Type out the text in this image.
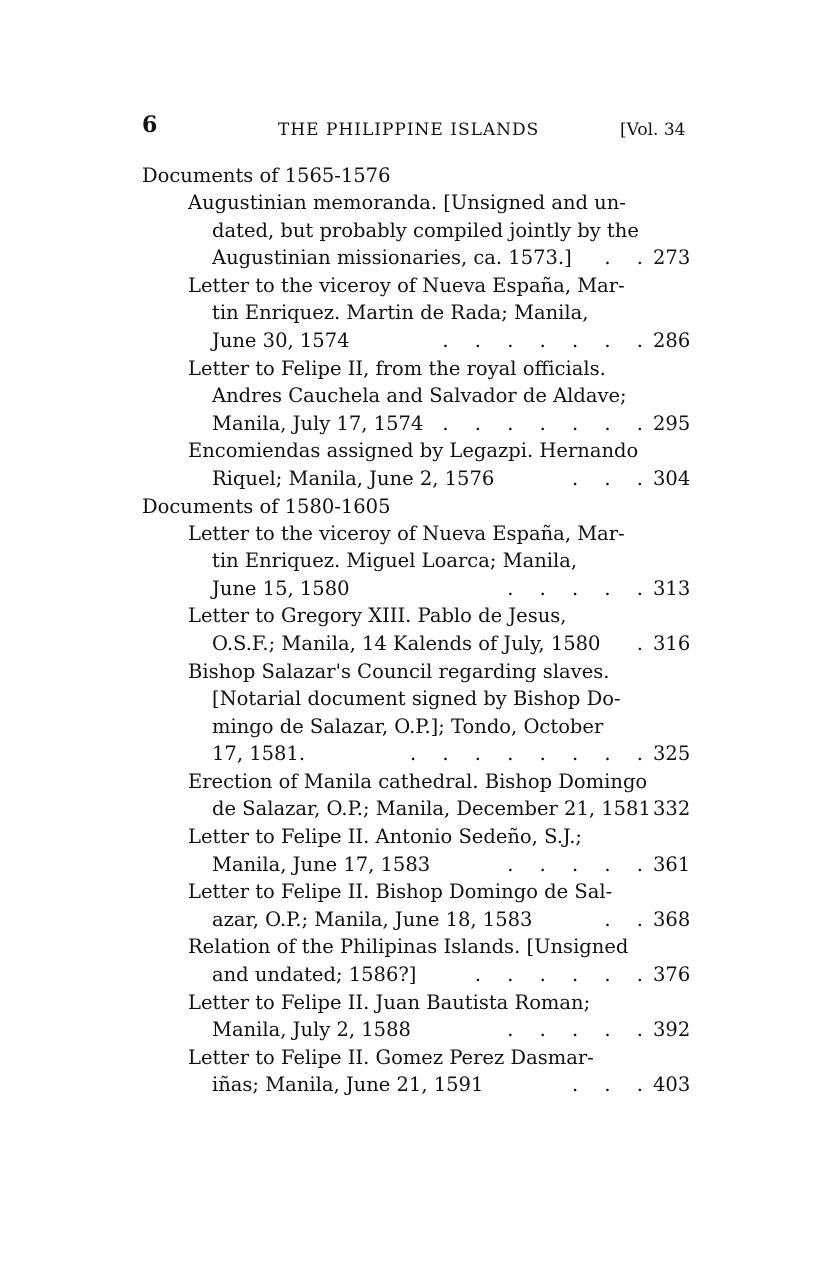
6	THE PHILIPPINE ISLANDS	[Vol. 34
Documents of 1565-1576
Augustinian memoranda. [Unsigned and un-
dated, but probably compiled jointly by the
Augustinian missionaries, ca. 1573.] . . 273
Letter to the viceroy of Nueva España, Mar-
tin Enriquez. Martin de Rada; Manila,
June 30, 1574	. . . . . . . 286
Letter to Felipe II, from the royal officials.
Andres Cauchela and Salvador de Aldave;
Manila, July 17, 1574 . . . . . . . 295
Encomiendas assigned by Legazpi. Hernando
Riquel; Manila, June 2, 1576	. . . 304
Documents of 1580-1605
Letter to the viceroy of Nueva España, Mar-
tin Enriquez. Miguel Loarca; Manila,
June 15, 1580	. . . . . 313
Letter to Gregory XIII. Pablo de Jesus,
O.S.F.; Manila, 14 Kalends of July, 1580 . 316
Bishop Salazar's Council regarding slaves.
[Notarial document signed by Bishop Do-
mingo de Salazar, O.P.]; Tondo, October
17, 1581.	. . . . . . . . 325
Erection of Manila cathedral. Bishop Domingo
de Salazar, O.P.; Manila, December 21, 1581 332
Letter to Felipe II. Antonio Sedeño, S.J.;
Manila, June 17, 1583	. . . . . 361
Letter to Felipe II. Bishop Domingo de Sal-
azar, O.P.; Manila, June 18, 1583	. . 368
Relation of the Philipinas Islands. [Unsigned
and undated; 1586?]	. . . . . . 376
Letter to Felipe II. Juan Bautista Roman;
Manila, July 2, 1588	. . . . . 392
Letter to Felipe II. Gomez Perez Dasmar-
iñas; Manila, June 21, 1591	. . . 403
